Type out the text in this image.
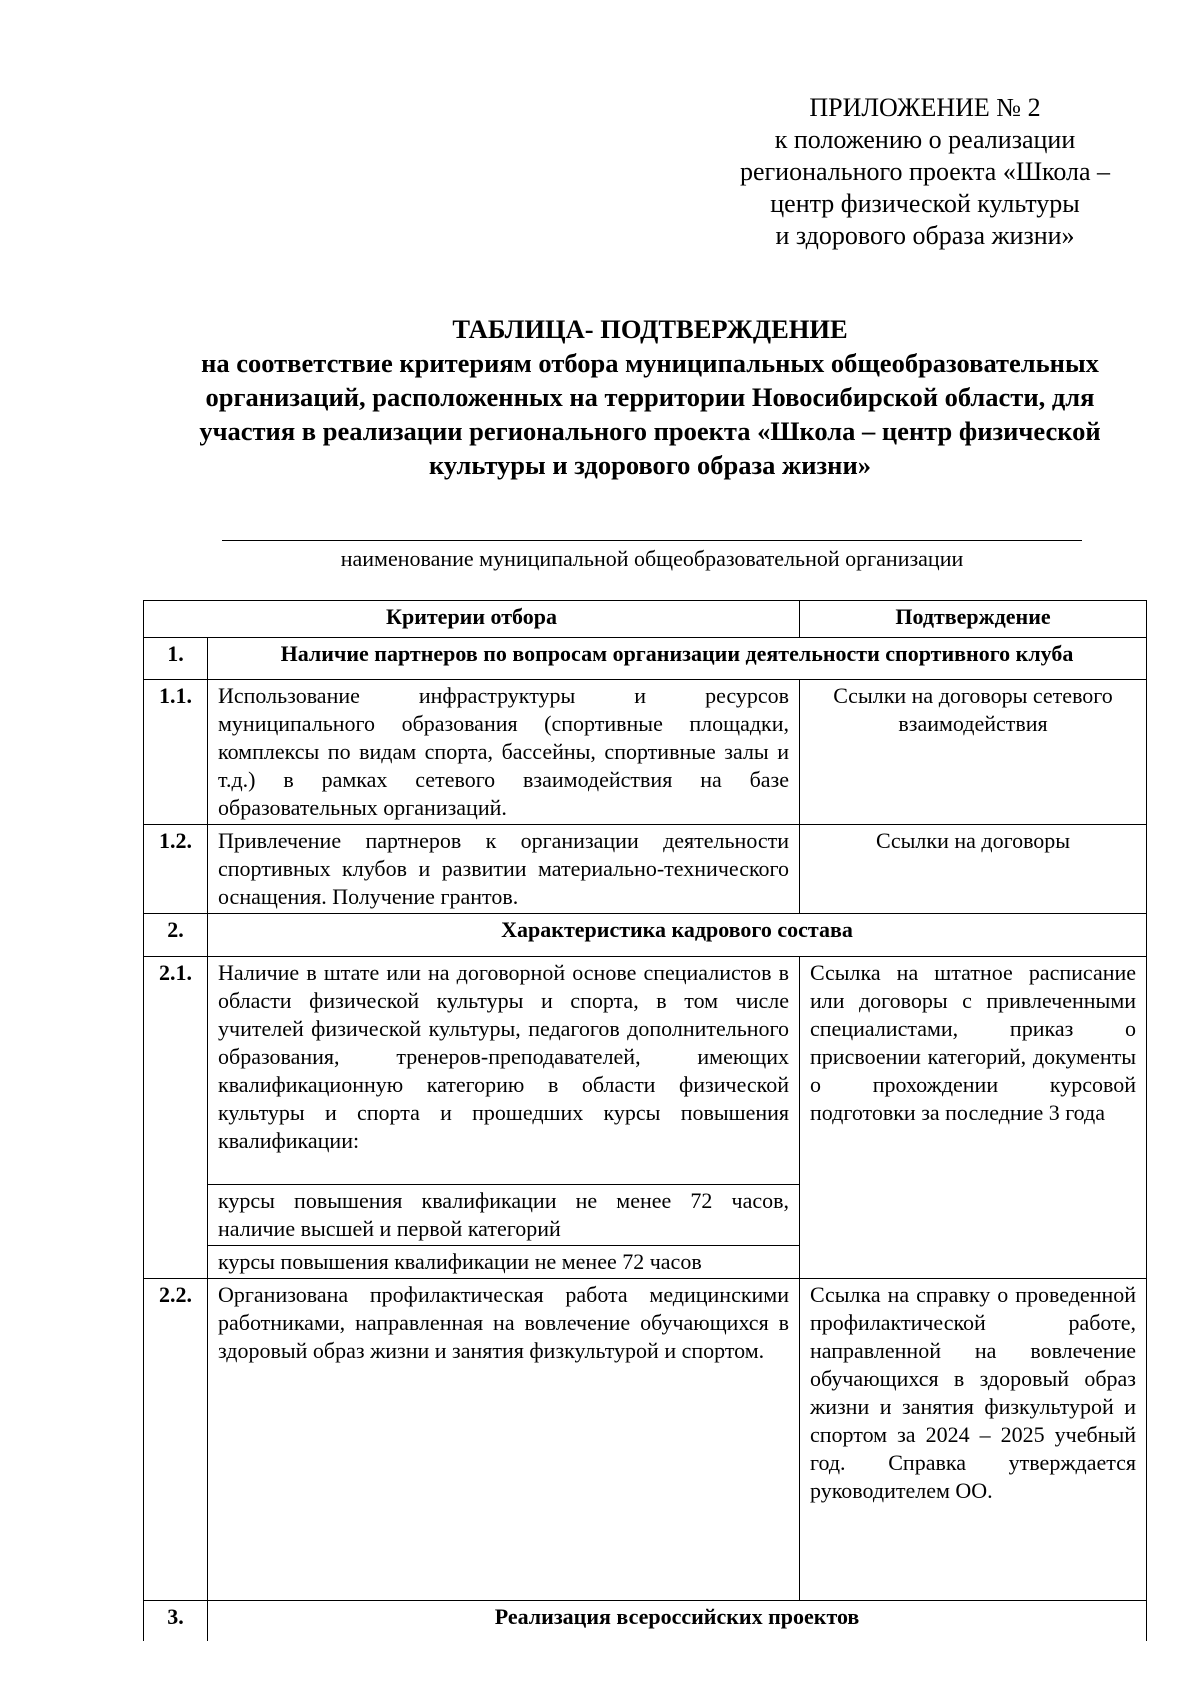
ПРИЛОЖЕНИЕ № 2
к положению о реализации
регионального проекта «Школа –
центр физической культуры
и здорового образа жизни»
ТАБЛИЦА- ПОДТВЕРЖДЕНИЕ
на соответствие критериям отбора муниципальных общеобразовательных
организаций, расположенных на территории Новосибирской области, для
участия в реализации регионального проекта «Школа – центр физической
культуры и здорового образа жизни»
наименование муниципальной общеобразовательной организации
Критерии отбора		Подтверждение
1.	Наличие партнеров по вопросам организации деятельности спортивного клуба	
1.1.	Использование инфраструктуры и ресурсов муниципального образования (спортивные площадки, комплексы по видам спорта, бассейны, спортивные залы и т.д.) в рамках сетевого взаимодействия на базе образовательных организаций.	Ссылки на договоры сетевого взаимодействия
1.2.	Привлечение партнеров к организации деятельности спортивных клубов и развитии материально-технического оснащения. Получение грантов.	Ссылки на договоры
2.	Характеристика кадрового состава	
2.1.	Наличие в штате или на договорной основе специалистов в области физической культуры и спорта, в том числе учителей физической культуры, педагогов дополнительного образования, тренеров-преподавателей, имеющих квалификационную категорию в области физической культуры и спорта и прошедших курсы повышения квалификации:	Ссылка на штатное расписание или договоры с привлеченными специалистами, приказ о присвоении категорий, документы о прохождении курсовой подготовки за последние 3 года
	курсы повышения квалификации не менее 72 часов, наличие высшей и первой категорий	
	курсы повышения квалификации не менее 72 часов	
2.2.	Организована профилактическая работа медицинскими работниками, направленная на вовлечение обучающихся в здоровый образ жизни и занятия физкультурой и спортом.	Ссылка на справку о проведенной профилактической работе, направленной на вовлечение обучающихся в здоровый образ жизни и занятия физкультурой и спортом за 2024 – 2025 учебный год. Справка утверждается руководителем ОО.
3.	Реализация всероссийских проектов	
